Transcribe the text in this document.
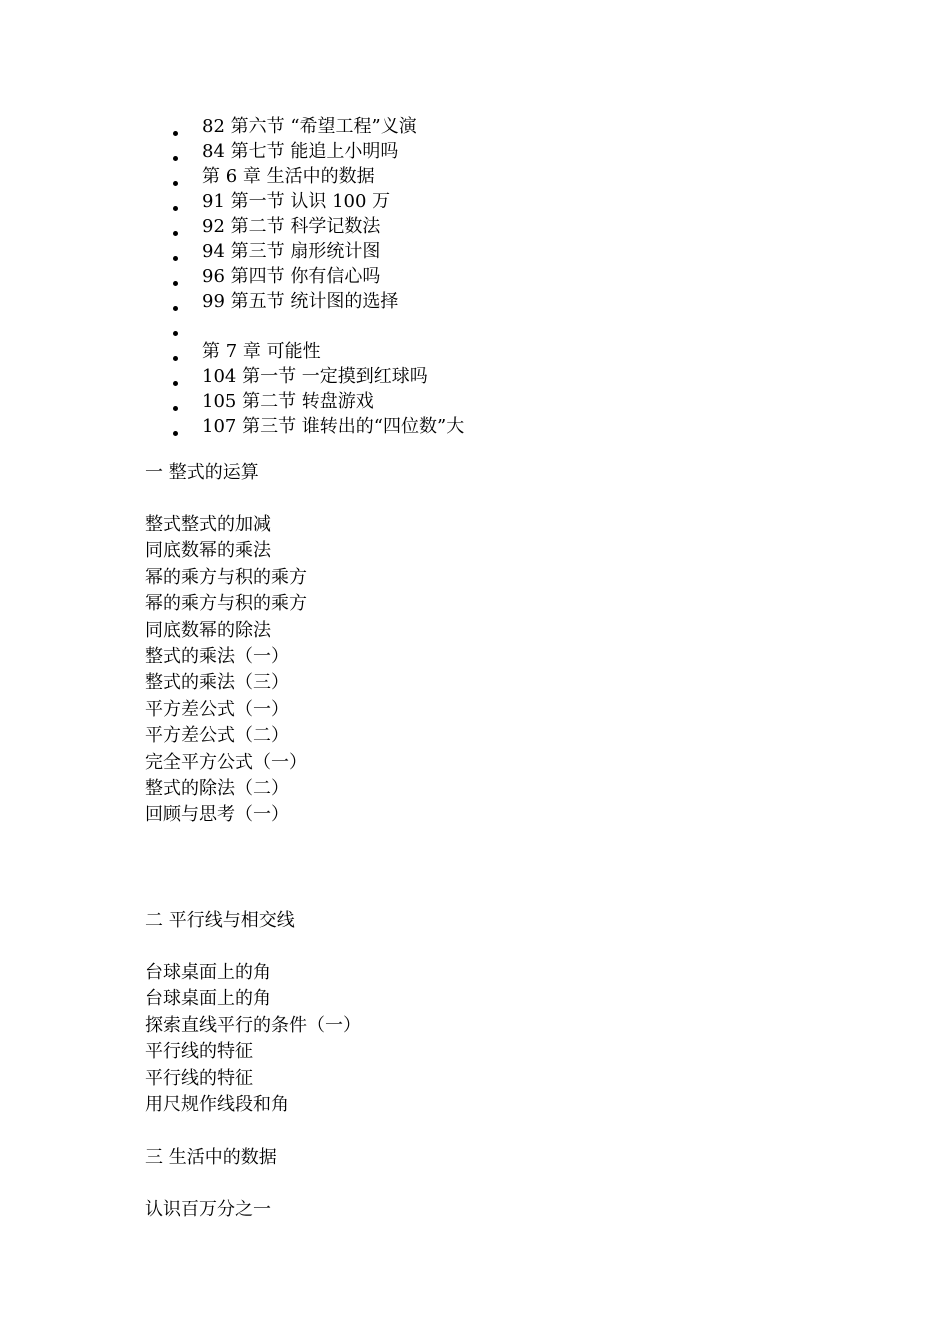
82 第六节 “希望工程”义演
84 第七节 能追上小明吗
第 6 章 生活中的数据
91 第一节 认识 100 万
92 第二节 科学记数法
94 第三节 扇形统计图
96 第四节 你有信心吗
99 第五节 统计图的选择
第 7 章 可能性
104 第一节 一定摸到红球吗
105 第二节 转盘游戏
107 第三节 谁转出的“四位数”大
一 整式的运算
整式整式的加减
同底数幂的乘法
幂的乘方与积的乘方
幂的乘方与积的乘方
同底数幂的除法
整式的乘法（一）
整式的乘法（三）
平方差公式（一）
平方差公式（二）
完全平方公式（一）
整式的除法（二）
回顾与思考（一）
二 平行线与相交线
台球桌面上的角
台球桌面上的角
探索直线平行的条件（一）
平行线的特征
平行线的特征
用尺规作线段和角
三 生活中的数据
认识百万分之一
